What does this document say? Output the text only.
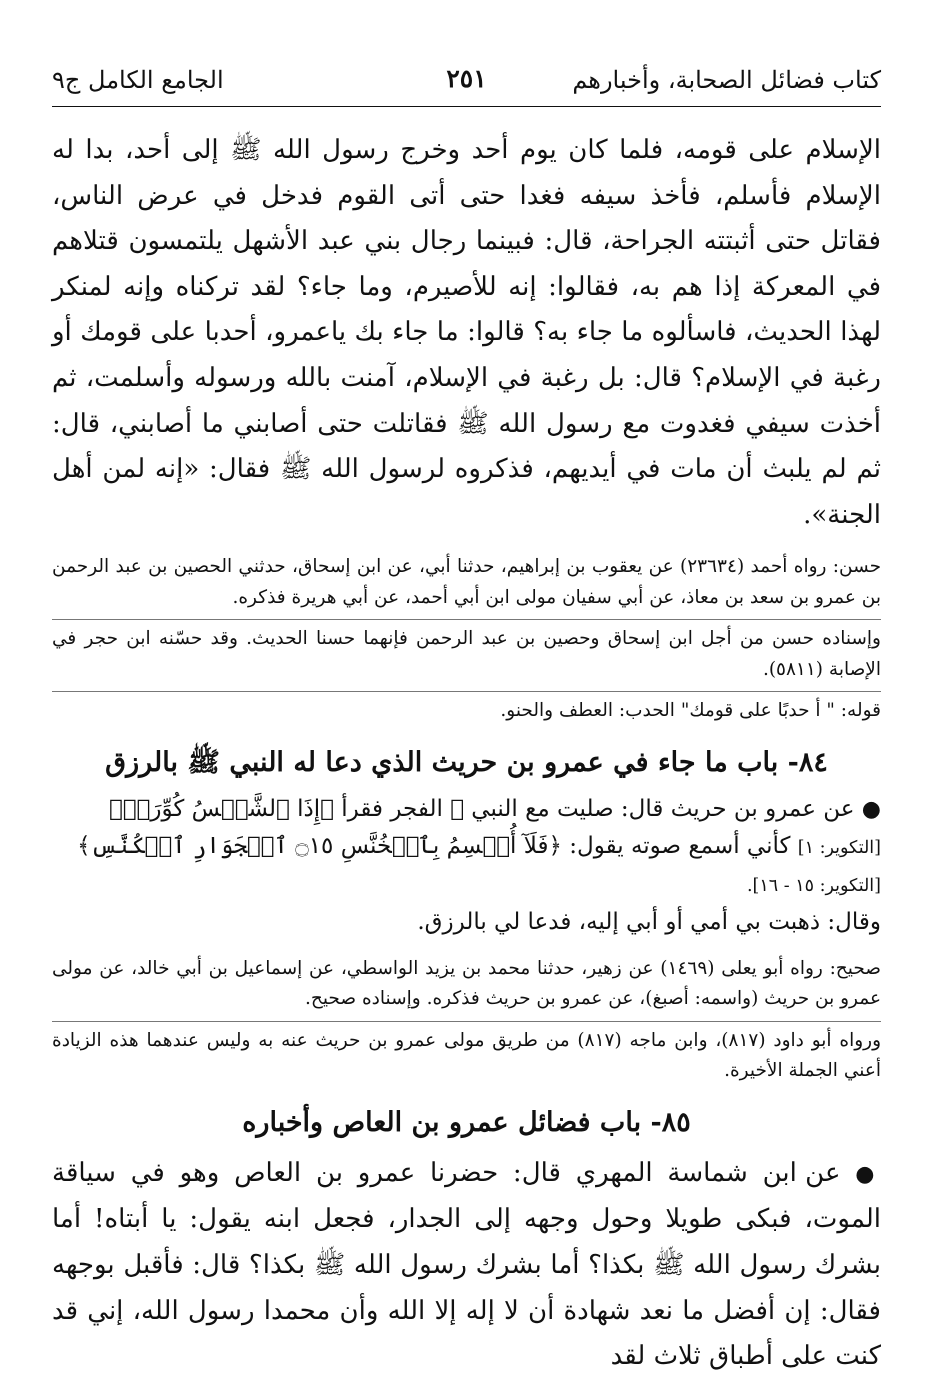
كتاب فضائل الصحابة، وأخبارهم
٢٥١
الجامع الكامل ج٩

الإسلام على قومه، فلما كان يوم أحد وخرج رسول الله ﷺ إلى أحد، بدا له الإسلام فأسلم، فأخذ سيفه فغدا حتى أتى القوم فدخل في عرض الناس، فقاتل حتى أثبتته الجراحة، قال: فبينما رجال بني عبد الأشهل يلتمسون قتلاهم في المعركة إذا هم به، فقالوا: إنه للأصيرم، وما جاء؟ لقد تركناه وإنه لمنكر لهذا الحديث، فاسألوه ما جاء به؟ قالوا: ما جاء بك ياعمرو، أحدبا على قومك أو رغبة في الإسلام؟ قال: بل رغبة في الإسلام، آمنت بالله ورسوله وأسلمت، ثم أخذت سيفي فغدوت مع رسول الله ﷺ فقاتلت حتى أصابني ما أصابني، قال: ثم لم يلبث أن مات في أيديهم، فذكروه لرسول الله ﷺ فقال: «إنه لمن أهل الجنة».

حسن: رواه أحمد (٢٣٦٣٤) عن يعقوب بن إبراهيم، حدثنا أبي، عن ابن إسحاق، حدثني الحصين بن عبد الرحمن بن عمرو بن سعد بن معاذ، عن أبي سفيان مولى ابن أبي أحمد، عن أبي هريرة فذكره.

وإسناده حسن من أجل ابن إسحاق وحصين بن عبد الرحمن فإنهما حسنا الحديث. وقد حسّنه ابن حجر في الإصابة (٥٨١١).

قوله: " أ حدبًا على قومك" الحدب: العطف والحنو.

٨٤- باب ما جاء في عمرو بن حريث الذي دعا له النبي ﷺ بالرزق

● عن عمرو بن حريث قال: صليت مع النبي ﷺ الفجر فقرأ ﴿إِذَا ٱلشَّمۡسُ كُوِّرَتۡ﴾

[التكوير: ١] كأني أسمع صوته يقول: ﴿فَلَآ أُقۡسِمُ بِٱلۡخُنَّسِ ۝١٥ ٱلۡجَوَارِ ٱلۡكُنَّسِ﴾ [التكوير: ١٥ - ١٦].

وقال: ذهبت بي أمي أو أبي إليه، فدعا لي بالرزق.

صحيح: رواه أبو يعلى (١٤٦٩) عن زهير، حدثنا محمد بن يزيد الواسطي، عن إسماعيل بن أبي خالد، عن مولى عمرو بن حريث (واسمه: أصبغ)، عن عمرو بن حريث فذكره. وإسناده صحيح.

ورواه أبو داود (٨١٧)، وابن ماجه (٨١٧) من طريق مولى عمرو بن حريث عنه به وليس عندهما هذه الزيادة أعني الجملة الأخيرة.

٨٥- باب فضائل عمرو بن العاص وأخباره

● عن ابن شماسة المهري قال: حضرنا عمرو بن العاص وهو في سياقة الموت، فبكى طويلا وحول وجهه إلى الجدار، فجعل ابنه يقول: يا أبتاه! أما بشرك رسول الله ﷺ بكذا؟ أما بشرك رسول الله ﷺ بكذا؟ قال: فأقبل بوجهه فقال: إن أفضل ما نعد شهادة أن لا إله إلا الله وأن محمدا رسول الله، إني قد كنت على أطباق ثلاث لقد
